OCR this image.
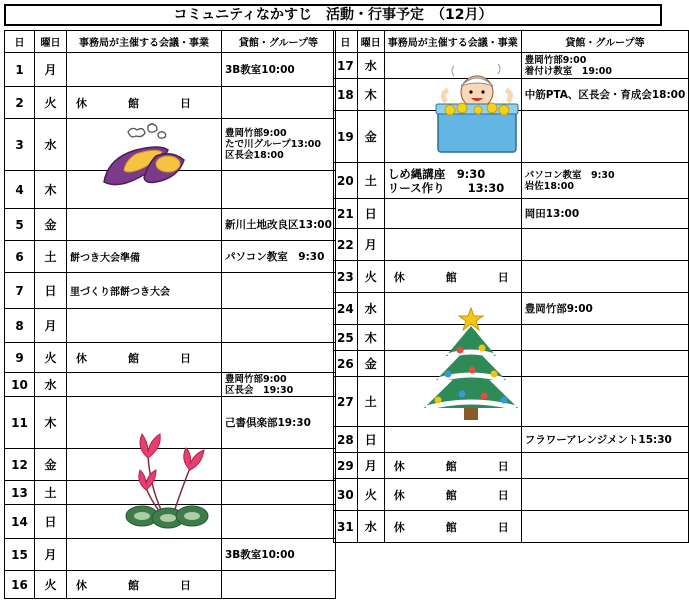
コミュニティなかすじ　活動・行事予定　（12月）
日	曜日	事務局が主催する会議・事業	貸館・グループ等
1	月		3B教室10:00

2	火	休 館 日	

3	水		豊岡竹部9:00
たで川グループ13:00
区長会18:00

4	木		
5	金		新川土地改良区13:00

6	土	餅つき大会準備	パソコン教室　9:30

7	日	里づくり部餅つき大会	

8	月		
9	火	休 館 日	

10	水		豊岡竹部9:00
区長会　19:30

11	木		己書倶楽部19:30

12	金		
13	土		
14	日		
15	月		3B教室10:00

16	火	休 館 日	

日	曜日	事務局が主催する会議・事業	貸館・グループ等
17	水		豊岡竹部9:00
着付け教室　19:00

18	木		中筋PTA、区長会・育成会18:00

19	金		
20	土	しめ縄講座　9:30
リース作り　　13:30	パソコン教室　9:30
岩佐18:00

21	日		岡田13:00

22	月		
23	火	休 館 日	

24	水		豊岡竹部9:00

25	木		
26	金		
27	土		
28	日		フラワーアレンジメント15:30

29	月	休 館 日	

30	火	休 館 日	

31	水	休 館 日	
